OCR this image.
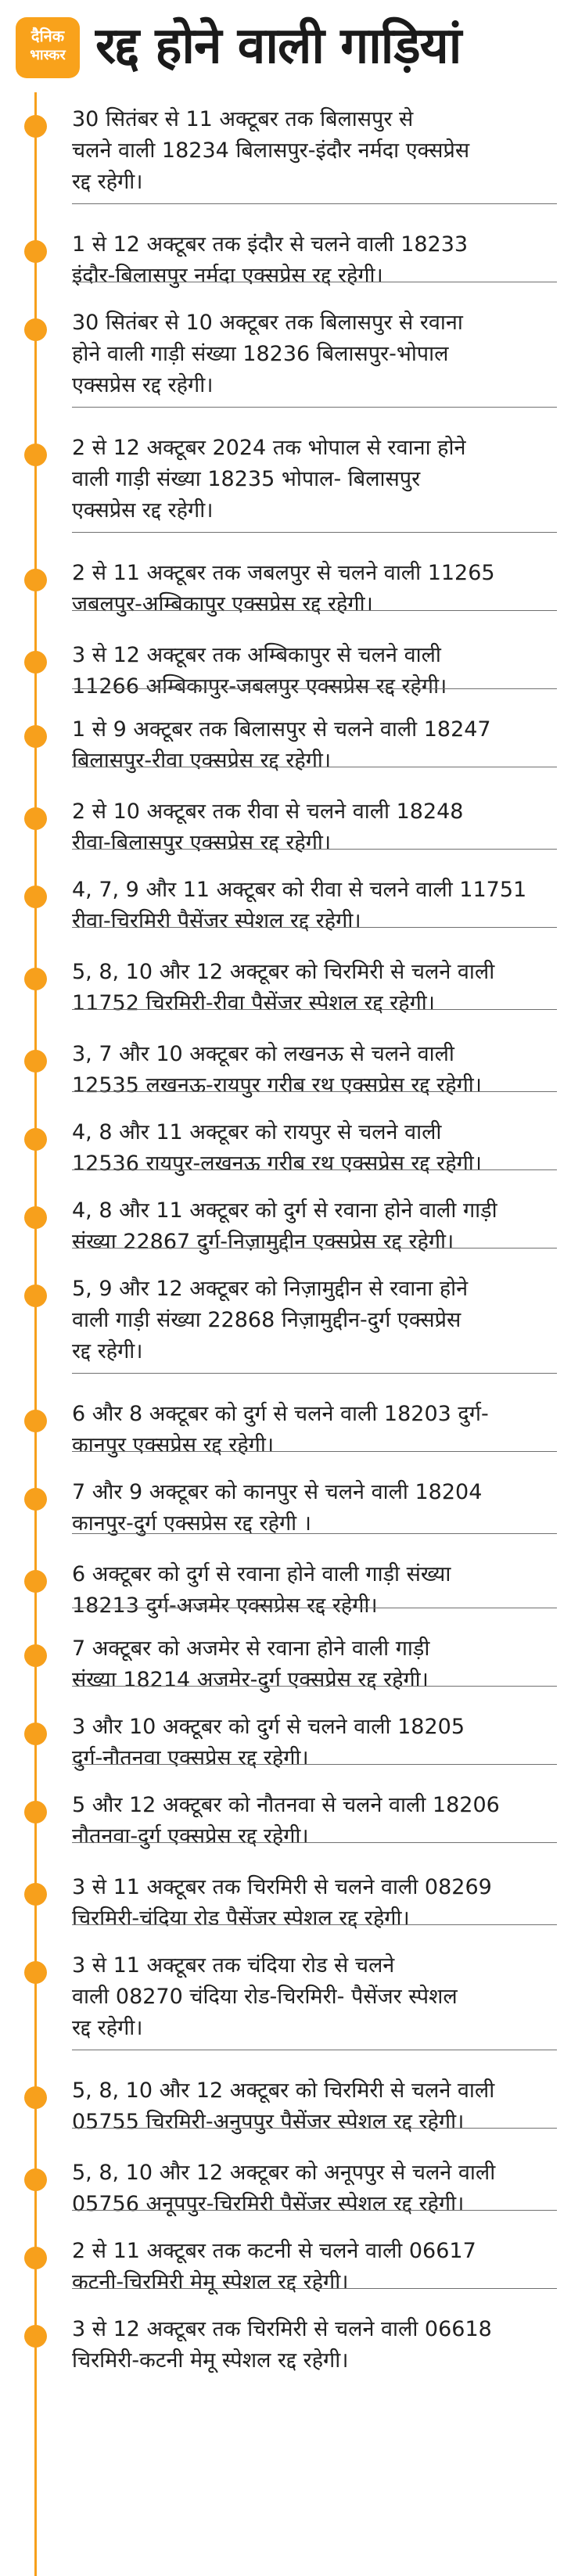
दैनिक
भास्कर रद्द होने वाली गाड़ियां
30 सितंबर से 11 अक्टूबर तक बिलासपुर से
चलने वाली 18234 बिलासपुर-इंदौर नर्मदा एक्सप्रेस
रद्द रहेगी।
1 से 12 अक्टूबर तक इंदौर से चलने वाली 18233
इंदौर-बिलासपुर नर्मदा एक्सप्रेस रद्द रहेगी।
30 सितंबर से 10 अक्टूबर तक बिलासपुर से रवाना
होने वाली गाड़ी संख्या 18236 बिलासपुर-भोपाल
एक्सप्रेस रद्द रहेगी।
2 से 12 अक्टूबर 2024 तक भोपाल से रवाना होने
वाली गाड़ी संख्या 18235 भोपाल- बिलासपुर
एक्सप्रेस रद्द रहेगी।
2 से 11 अक्टूबर तक जबलपुर से चलने वाली 11265
जबलपुर-अम्बिकापुर एक्सप्रेस रद्द रहेगी।
3 से 12 अक्टूबर तक अम्बिकापुर से चलने वाली
11266 अम्बिकापुर-जबलपुर एक्सप्रेस रद्द रहेगी।
1 से 9 अक्टूबर तक बिलासपुर से चलने वाली 18247
बिलासपुर-रीवा एक्सप्रेस रद्द रहेगी।
2 से 10 अक्टूबर तक रीवा से चलने वाली 18248
रीवा-बिलासपुर एक्सप्रेस रद्द रहेगी।
4, 7, 9 और 11 अक्टूबर को रीवा से चलने वाली 11751
रीवा-चिरमिरी पैसेंजर स्पेशल रद्द रहेगी।
5, 8, 10 और 12 अक्टूबर को चिरमिरी से चलने वाली
11752 चिरमिरी-रीवा पैसेंजर स्पेशल रद्द रहेगी।
3, 7 और 10 अक्टूबर को लखनऊ से चलने वाली
12535 लखनऊ-रायपुर गरीब रथ एक्सप्रेस रद्द रहेगी।
4, 8 और 11 अक्टूबर को रायपुर से चलने वाली
12536 रायपुर-लखनऊ गरीब रथ एक्सप्रेस रद्द रहेगी।
4, 8 और 11 अक्टूबर को दुर्ग से रवाना होने वाली गाड़ी
संख्या 22867 दुर्ग-निज़ामुद्दीन एक्सप्रेस रद्द रहेगी।
5, 9 और 12 अक्टूबर को निज़ामुद्दीन से रवाना होने
वाली गाड़ी संख्या 22868 निज़ामुद्दीन-दुर्ग एक्सप्रेस
रद्द रहेगी।
6 और 8 अक्टूबर को दुर्ग से चलने वाली 18203 दुर्ग-
कानपुर एक्सप्रेस रद्द रहेगी।
7 और 9 अक्टूबर को कानपुर से चलने वाली 18204
कानपुर-दुर्ग एक्सप्रेस रद्द रहेगी ।
6 अक्टूबर को दुर्ग से रवाना होने वाली गाड़ी संख्या
18213 दुर्ग-अजमेर एक्सप्रेस रद्द रहेगी।
7 अक्टूबर को अजमेर से रवाना होने वाली गाड़ी
संख्या 18214 अजमेर-दुर्ग एक्सप्रेस रद्द रहेगी।
3 और 10 अक्टूबर को दुर्ग से चलने वाली 18205
दुर्ग-नौतनवा एक्सप्रेस रद्द रहेगी।
5 और 12 अक्टूबर को नौतनवा से चलने वाली 18206
नौतनवा-दुर्ग एक्सप्रेस रद्द रहेगी।
3 से 11 अक्टूबर तक चिरमिरी से चलने वाली 08269
चिरमिरी-चंदिया रोड पैसेंजर स्पेशल रद्द रहेगी।
3 से 11 अक्टूबर तक चंदिया रोड से चलने
वाली 08270 चंदिया रोड-चिरमिरी- पैसेंजर स्पेशल
रद्द रहेगी।
5, 8, 10 और 12 अक्टूबर को चिरमिरी से चलने वाली
05755 चिरमिरी-अनुपपुर पैसेंजर स्पेशल रद्द रहेगी।
5, 8, 10 और 12 अक्टूबर को अनूपपुर से चलने वाली
05756 अनूपपुर-चिरमिरी पैसेंजर स्पेशल रद्द रहेगी।
2 से 11 अक्टूबर तक कटनी से चलने वाली 06617
कटनी-चिरमिरी मेमू स्पेशल रद्द रहेगी।
3 से 12 अक्टूबर तक चिरमिरी से चलने वाली 06618
चिरमिरी-कटनी मेमू स्पेशल रद्द रहेगी।
